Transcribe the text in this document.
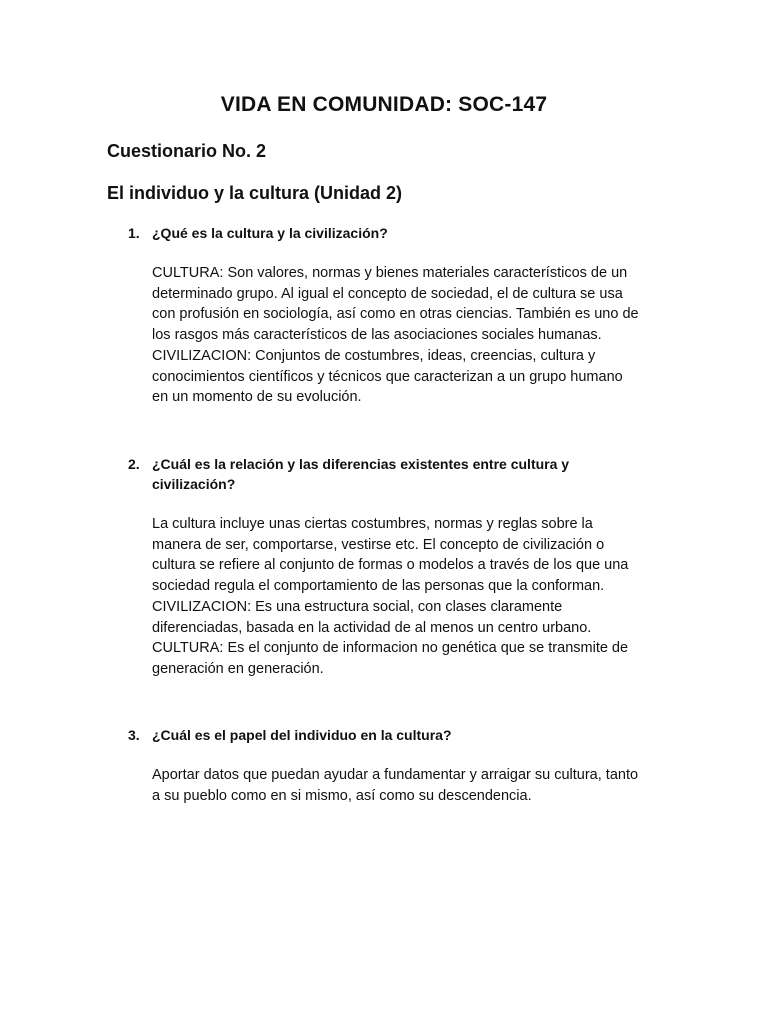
VIDA EN COMUNIDAD: SOC-147
Cuestionario No. 2
El individuo y la cultura (Unidad 2)
1. ¿Qué es la cultura y la civilización?

CULTURA: Son valores, normas y bienes materiales característicos de un
determinado grupo. Al igual el concepto de sociedad, el de cultura se usa
con profusión en sociología, así como en otras ciencias. También es uno de
los rasgos más característicos de las asociaciones sociales humanas.
CIVILIZACION: Conjuntos de costumbres, ideas, creencias, cultura y
conocimientos científicos y técnicos que caracterizan a un grupo humano
en un momento de su evolución.

2. ¿Cuál es la relación y las diferencias existentes entre cultura y civilización?

La cultura incluye unas ciertas costumbres, normas y reglas sobre la
manera de ser, comportarse, vestirse etc. El concepto de civilización o
cultura se refiere al conjunto de formas o modelos a través de los que una
sociedad regula el comportamiento de las personas que la conforman.
CIVILIZACION: Es una estructura social, con clases claramente
diferenciadas, basada en la actividad de al menos un centro urbano.
CULTURA: Es el conjunto de informacion no genética que se transmite de
generación en generación.

3. ¿Cuál es el papel del individuo en la cultura?

Aportar datos que puedan ayudar a fundamentar y arraigar su cultura, tanto
a su pueblo como en si mismo, así como su descendencia.
